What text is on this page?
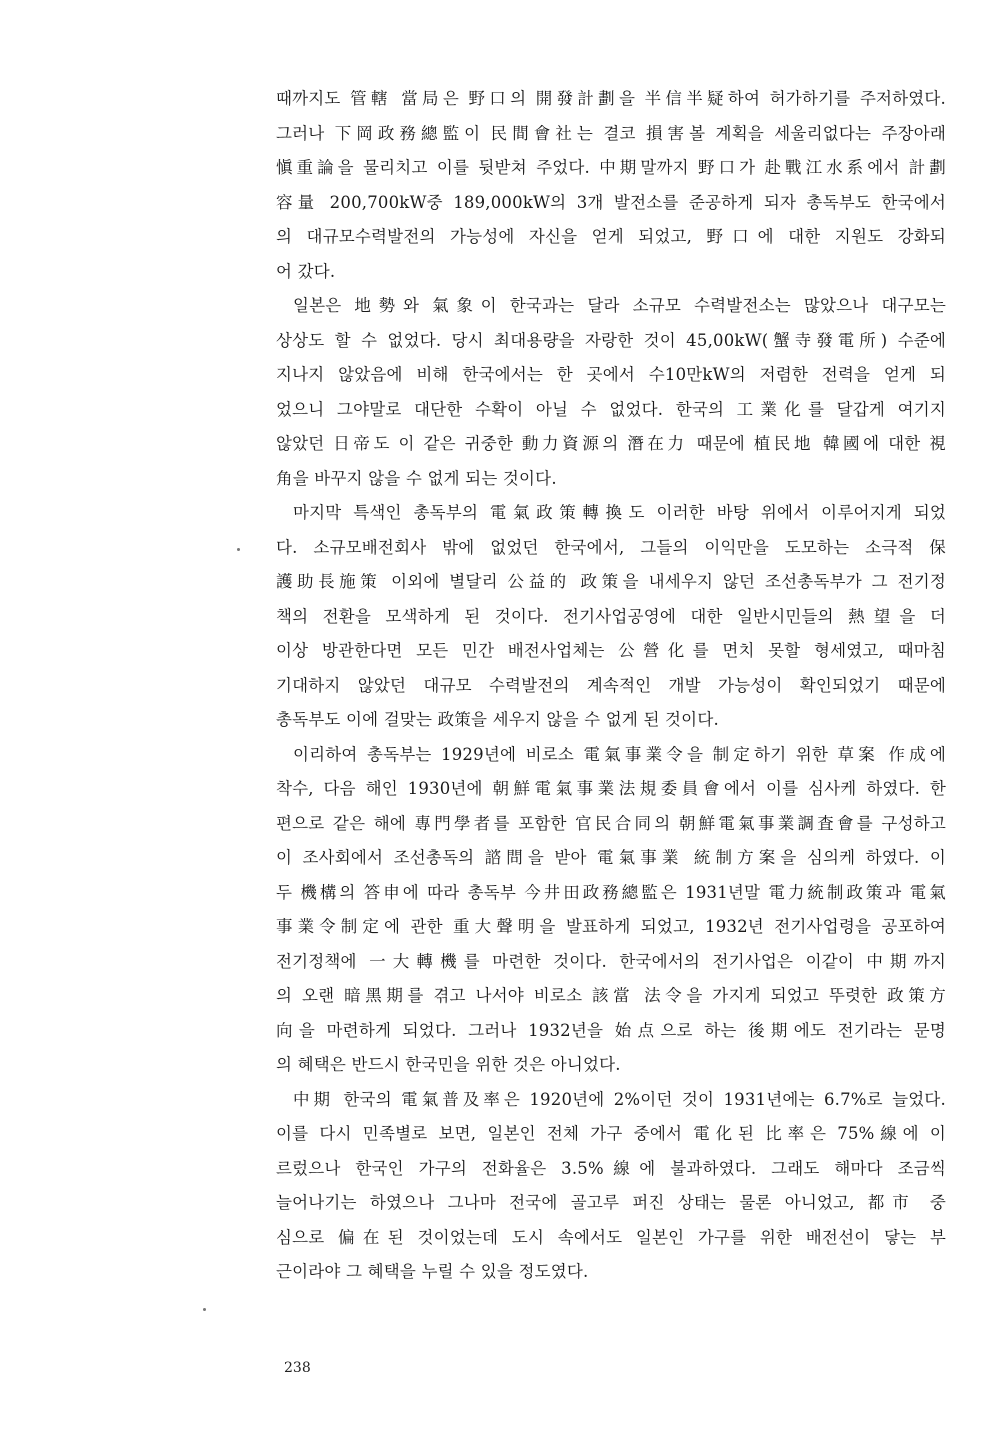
때까지도 管轄 當局은 野口의 開發計劃을 半信半疑하여 허가하기를 주저하였다.
그러나 下岡政務總監이 民間會社는 결코 損害볼 계획을 세울리없다는 주장아래
愼重論을 물리치고 이를 뒷받쳐 주었다. 中期말까지 野口가 赴戰江水系에서 計劃
容量 200,700kW중 189,000kW의 3개 발전소를 준공하게 되자 총독부도 한국에서
의 대규모수력발전의 가능성에 자신을 얻게 되었고, 野口에 대한 지원도 강화되
어 갔다.
일본은 地勢와 氣象이 한국과는 달라 소규모 수력발전소는 많았으나 대구모는
상상도 할 수 없었다. 당시 최대용량을 자랑한 것이 45,00kW(蟹寺發電所) 수준에
지나지 않았음에 비해 한국에서는 한 곳에서 수10만kW의 저렴한 전력을 얻게 되
었으니 그야말로 대단한 수확이 아닐 수 없었다. 한국의 工業化를 달갑게 여기지
않았던 日帝도 이 같은 귀중한 動力資源의 潛在力 때문에 植民地 韓國에 대한 視
角을 바꾸지 않을 수 없게 되는 것이다.
마지막 특색인 총독부의 電氣政策轉換도 이러한 바탕 위에서 이루어지게 되었
다. 소규모배전회사 밖에 없었던 한국에서, 그들의 이익만을 도모하는 소극적 保
護助長施策 이외에 별달리 公益的 政策을 내세우지 않던 조선총독부가 그 전기정
책의 전환을 모색하게 된 것이다. 전기사업공영에 대한 일반시민들의 熱望을 더
이상 방관한다면 모든 민간 배전사업체는 公營化를 면치 못할 형세였고, 때마침
기대하지 않았던 대규모 수력발전의 계속적인 개발 가능성이 확인되었기 때문에
총독부도 이에 걸맞는 政策을 세우지 않을 수 없게 된 것이다.
이리하여 총독부는 1929년에 비로소 電氣事業令을 制定하기 위한 草案 作成에
착수, 다음 해인 1930년에 朝鮮電氣事業法規委員會에서 이를 심사케 하였다. 한
편으로 같은 해에 專門學者를 포함한 官民合同의 朝鮮電氣事業調査會를 구성하고
이 조사회에서 조선총독의 諮問을 받아 電氣事業 統制方案을 심의케 하였다. 이
두 機構의 答申에 따라 총독부 今井田政務總監은 1931년말 電力統制政策과 電氣
事業令制定에 관한 重大聲明을 발표하게 되었고, 1932년 전기사업령을 공포하여
전기정책에 一大轉機를 마련한 것이다. 한국에서의 전기사업은 이같이 中期까지
의 오랜 暗黑期를 겪고 나서야 비로소 該當 法令을 가지게 되었고 뚜렷한 政策方
向을 마련하게 되었다. 그러나 1932년을 始点으로 하는 後期에도 전기라는 문명
의 혜택은 반드시 한국민을 위한 것은 아니었다.
中期 한국의 電氣普及率은 1920년에 2%이던 것이 1931년에는 6.7%로 늘었다.
이를 다시 민족별로 보면, 일본인 전체 가구 중에서 電化된 比率은 75%線에 이
르렀으나 한국인 가구의 전화율은 3.5%線에 불과하였다. 그래도 해마다 조금씩
늘어나기는 하였으나 그나마 전국에 골고루 퍼진 상태는 물론 아니었고, 都市 중
심으로 偏在된 것이었는데 도시 속에서도 일본인 가구를 위한 배전선이 닿는 부
근이라야 그 혜택을 누릴 수 있을 정도였다.
238
